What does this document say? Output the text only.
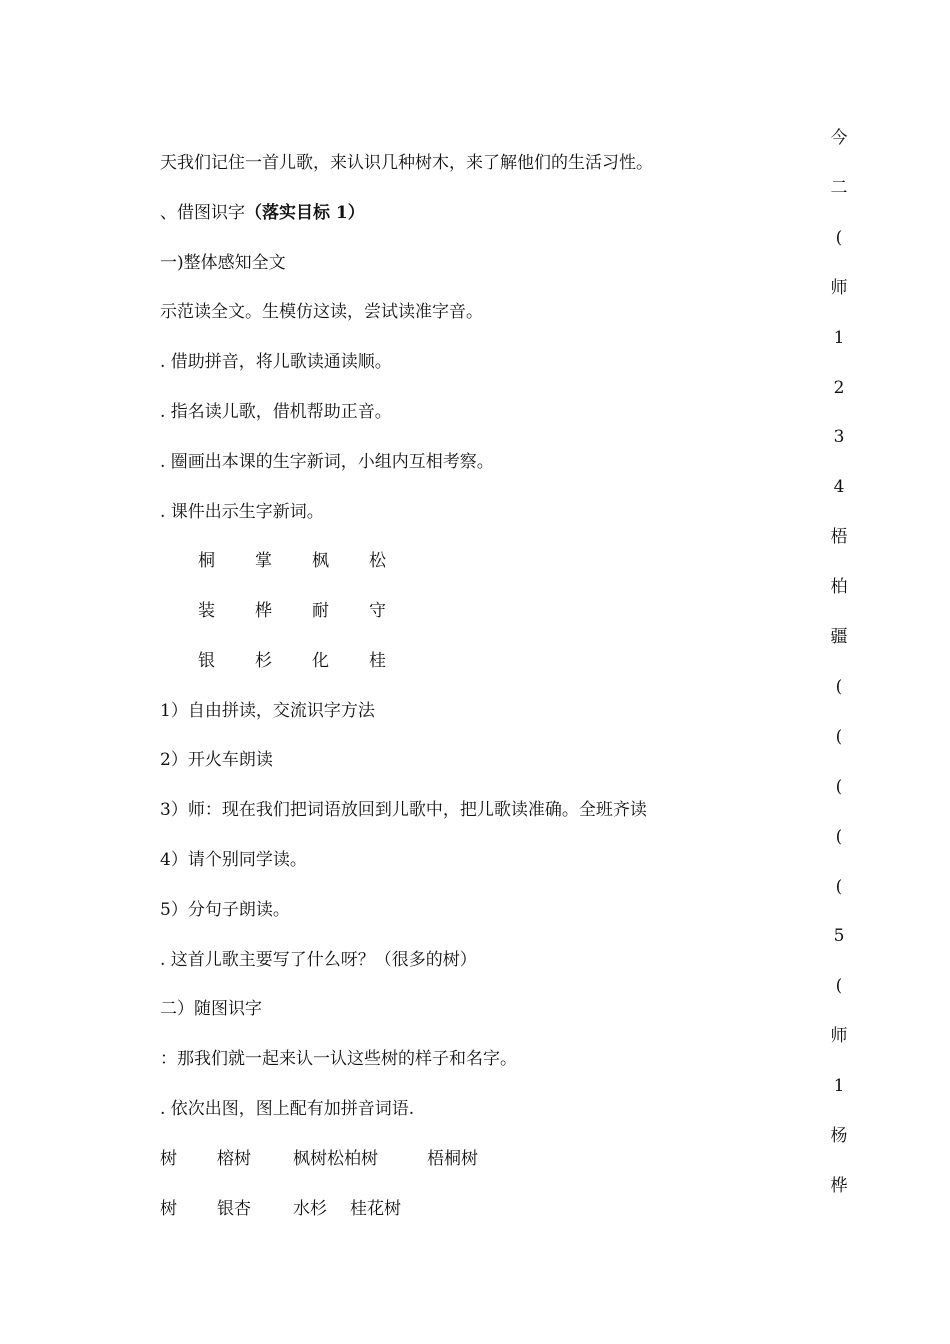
天我们记住一首儿歌，来认识几种树木，来了解他们的生活习性。
、借图识字（落实目标 1）
一)整体感知全文
示范读全文。生模仿这读，尝试读准字音。
. 借助拼音，将儿歌读通读顺。
. 指名读儿歌，借机帮助正音。
. 圈画出本课的生字新词，小组内互相考察。
. 课件出示生字新词。
桐 掌 枫 松
装 桦 耐 守
银 杉 化 桂
1）自由拼读，交流识字方法
2）开火车朗读
3）师：现在我们把词语放回到儿歌中，把儿歌读准确。全班齐读
4）请个别同学读。
5）分句子朗读。
. 这首儿歌主要写了什么呀？（很多的树）
二）随图识字
：那我们就一起来认一认这些树的样子和名字。
. 依次出图，图上配有加拼音词语.
树 榕树 枫树松柏树	梧桐树
树 银杏 水杉 桂花树
今
二
(
师
1
2
3
4
梧
柏
疆
(
(
(
(
(
5
(
师
1
杨
桦
